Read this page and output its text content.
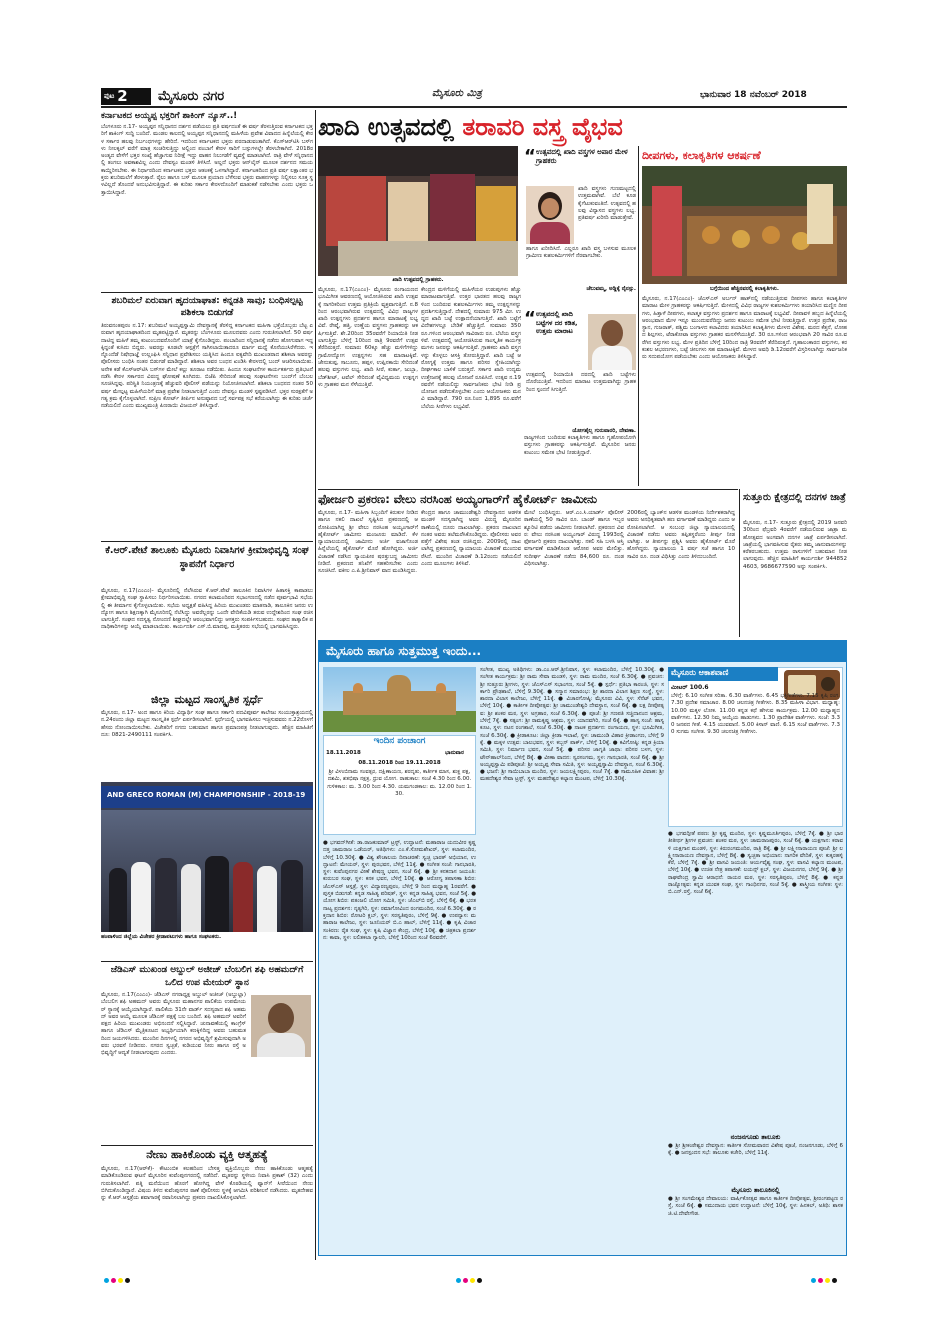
$^{ಪುಟ}$ 2	ಮೈಸೂರು ನಗರ	ಮೈಸೂರು ಮಿತ್ರ	ಭಾನುವಾರ 18 ನವೆಂಬರ್ 2018
ಖಾದಿ ಉತ್ಸವದಲ್ಲಿ ತರಾವರಿ ವಸ್ತ್ರ ವೈಭವ
ಕರ್ನಾಟಕದ ಅಯ್ಯಪ್ಪ ಭಕ್ತರಿಗೆ ಶಾಕಿಂಗ್ ನ್ಯೂಸ್..!
ಬೆಂಗಳೂರು ನ.17- ಅಯ್ಯಪ್ಪನ ಸನ್ನಿಧಾನದ ದರ್ಶನ ಪಡೆಯಲು ಪ್ರತಿ ವರ್ಷದಂತೆ ಈ ವರ್ಷ ತೆರಳುತ್ತಿರುವ ಕರ್ನಾಟಕದ ಭಕ್ತರಿಗೆ ಶಾಕಿಂಗ್ ಸುದ್ದಿ ಬಂದಿದೆ. ಮಂಡಲ ಕಾಲದಲ್ಲಿ ಅಯ್ಯಪ್ಪನ ಸನ್ನಿಧಾನದಲ್ಲಿ ಮಹಿಳೆಯ ಪ್ರವೇಶ ವಿವಾದದ ಹಿನ್ನೆಲೆಯಲ್ಲಿ ಕೇರಳ ಸರ್ಕಾರ ಹಲವು ನಿರ್ಬಂಧಗಳನ್ನು ಹೇರಿದೆ. ಇದರಿಂದ ಕರ್ನಾಟಕದ ಭಕ್ತರು ಪರದಾಡುವಂತಾಗಿದೆ. ಕೆಎಸ್ಆರ್‌ಟಿಸಿ ಬಸ್‌ಗಳು ನೀಲಕ್ಕಲ್ ವರೆಗೆ ಮಾತ್ರ ಸಂಚರಿಸುತ್ತಿದ್ದು ಅಲ್ಲಿಂದ ಪಂಬಾಗೆ ಕೇರಳ ಸಾರಿಗೆ ಬಸ್ಸುಗಳಲ್ಲೇ ತೆರಳಬೇಕಾಗಿದೆ. 2018ರ ಅಂತ್ಯದ ವೇಳೆಗೆ ಭಕ್ತರ ಸಂಖ್ಯೆ ಹೆಚ್ಚಾಗುವ ನಿರೀಕ್ಷೆ ಇದ್ದು ವಾಹನ ನಿಲುಗಡೆಗೆ ವ್ಯವಸ್ಥೆ ಮಾಡಲಾಗಿದೆ. ರಾತ್ರಿ ವೇಳೆ ಸನ್ನಿಧಾನದಲ್ಲಿ ತಂಗಲು ಅವಕಾಶವಿಲ್ಲ ಎಂದು ದೇವಸ್ವಂ ಮಂಡಳಿ ತಿಳಿಸಿದೆ. ಅಲ್ಲದೆ ಭಕ್ತರು ಆನ್‌ಲೈನ್ ಮೂಲಕ ದರ್ಶನದ ಸಮಯ ಕಾಯ್ದಿರಿಸಬೇಕು. ಈ ನಿರ್ಧಾರದಿಂದ ಕರ್ನಾಟಕದ ಭಕ್ತರು ಆತಂಕಕ್ಕೆ ಒಳಗಾಗಿದ್ದಾರೆ. ಕರ್ನಾಟಕದಿಂದ ಪ್ರತಿ ವರ್ಷ ಲಕ್ಷಾಂತರ ಭಕ್ತರು ಶಬರಿಮಲೆಗೆ ತೆರಳುತ್ತಾರೆ. ರೈಲು ಹಾಗೂ ಬಸ್ ಮೂಲಕ ಪ್ರಯಾಣ ಬೆಳೆಸುವ ಭಕ್ತರು ವಾಹನಗಳನ್ನು ನಿಲ್ಲಿಸಲು ಸೂಕ್ತ ಸ್ಥಳವಿಲ್ಲದೆ ತೊಂದರೆ ಅನುಭವಿಸುತ್ತಿದ್ದಾರೆ. ಈ ಕುರಿತು ಸರ್ಕಾರ ಕೇರಳದೊಂದಿಗೆ ಮಾತುಕತೆ ನಡೆಸಬೇಕು ಎಂದು ಭಕ್ತರು ಒತ್ತಾಯಿಸಿದ್ದಾರೆ.
ಶಬರಿಮಲೆ ಏರುವಾಗ ಹೃದಯಾಘಾತ: ಕನ್ನಡತಿ ಸಾವು; ಬಂಧಿಸಲ್ಪಟ್ಟ ಪಶಿಕಲಾ ಬಿಡುಗಡೆ
ತಿರುವನಂತಪುರಂ ನ.17: ಶಬರಿಮಲೆ ಅಯ್ಯಪ್ಪಸ್ವಾಮಿ ದೇವಸ್ಥಾನಕ್ಕೆ ತೆರಳಿದ್ದ ಕರ್ನಾಟಕದ ಮಹಿಳಾ ಭಕ್ತೆಯೊಬ್ಬರು ಬೆಟ್ಟ ಏರುವಾಗ ಹೃದಯಾಘಾತದಿಂದ ಮೃತಪಟ್ಟಿದ್ದಾರೆ. ಮೃತರನ್ನು ಬೆಂಗಳೂರು ಮೂಲದವರು ಎಂದು ಗುರುತಿಸಲಾಗಿದೆ. 50 ವರ್ಷ ದಾಟಿದ್ದ ಮಹಿಳೆ ತಮ್ಮ ಕುಟುಂಬದವರೊಂದಿಗೆ ಯಾತ್ರೆ ಕೈಗೊಂಡಿದ್ದರು. ಪಂಬಾದಿಂದ ಸನ್ನಿಧಾನಕ್ಕೆ ನಡೆದು ಹೋಗುವಾಗ ಇದ್ದಕ್ಕಿದ್ದಂತೆ ಕುಸಿದು ಬಿದ್ದರು. ಅವರನ್ನು ಕೂಡಲೇ ಆಸ್ಪತ್ರೆಗೆ ಸಾಗಿಸಲಾಯಿತಾದರೂ ಮಾರ್ಗ ಮಧ್ಯೆ ಕೊನೆಯುಸಿರೆಳೆದರು. ಇನ್ನೊಂದೆಡೆ ನಿಷೇಧಾಜ್ಞೆ ಉಲ್ಲಂಘಿಸಿ ಸನ್ನಿಧಾನ ಪ್ರವೇಶಿಸಲು ಯತ್ನಿಸಿದ ಹಿಂದೂ ಐಕ್ಯವೇದಿ ಮುಖಂಡರಾದ ಶಶಿಕಲಾ ಅವರನ್ನು ಪೊಲೀಸರು ಬಂಧಿಸಿ ನಂತರ ಬಿಡುಗಡೆ ಮಾಡಿದ್ದಾರೆ. ಶಶಿಕಲಾ ಅವರ ಬಂಧನ ಖಂಡಿಸಿ ಕೇರಳದಲ್ಲಿ ಬಂದ್ ಆಚರಿಸಲಾಯಿತು. ಅನೇಕ ಕಡೆ ಕೆಎಸ್ಆರ್‌ಟಿಸಿ ಬಸ್‌ಗಳ ಮೇಲೆ ಕಲ್ಲು ತೂರಾಟ ನಡೆಯಿತು. ಹಿಂದೂ ಸಂಘಟನೆಗಳ ಕಾರ್ಯಕರ್ತರು ಪ್ರತಿಭಟನೆ ನಡೆಸಿ ಕೇರಳ ಸರ್ಕಾರದ ವಿರುದ್ಧ ಘೋಷಣೆ ಕೂಗಿದರು. ಬಿಜೆಪಿ ಸೇರಿದಂತೆ ಹಲವು ಸಂಘಟನೆಗಳು ಬಂದ್‌ಗೆ ಬೆಂಬಲ ಸೂಚಿಸಿದ್ದವು. ಪರಿಸ್ಥಿತಿ ನಿಯಂತ್ರಣಕ್ಕೆ ಹೆಚ್ಚುವರಿ ಪೊಲೀಸ್ ಪಡೆಯನ್ನು ನಿಯೋಜಿಸಲಾಗಿದೆ. ಶಶಿಕಲಾ ಬಂಧನದ ನಂತರ 50 ವರ್ಷ ಮೇಲ್ಪಟ್ಟ ಮಹಿಳೆಯರಿಗೆ ಮಾತ್ರ ಪ್ರವೇಶ ನೀಡಲಾಗುತ್ತಿದೆ ಎಂದು ದೇವಸ್ವಂ ಮಂಡಳಿ ಸ್ಪಷ್ಟಪಡಿಸಿದೆ. ಭಕ್ತರ ಸುರಕ್ಷತೆಗೆ ಅಗತ್ಯ ಕ್ರಮ ಕೈಗೊಳ್ಳಲಾಗಿದೆ. ಸುಪ್ರೀಂ ಕೋರ್ಟ್ ತೀರ್ಪಿನ ಅನುಷ್ಠಾನದ ಬಗ್ಗೆ ಸರ್ವಪಕ್ಷ ಸಭೆ ಕರೆಯಲಾಗಿದ್ದು ಈ ಕುರಿತು ಚರ್ಚೆ ನಡೆಯಲಿದೆ ಎಂದು ಮುಖ್ಯಮಂತ್ರಿ ಪಿಣರಾಯಿ ವಿಜಯನ್ ತಿಳಿಸಿದ್ದಾರೆ.
ಕೆ.ಆರ್.ಪೇಟೆ ತಾಲೂಕು ಮೈಸೂರು ನಿವಾಸಿಗಳ ಕ್ರೀಮಾಭಿವೃದ್ಧಿ ಸಂಘ ಸ್ಥಾಪನೆಗೆ ನಿರ್ಧಾರ
ಮೈಸೂರು, ನ.17(ಎಂಎಂ)- ಮೈಸೂರಿನಲ್ಲಿ ನೆಲೆಸಿರುವ ಕೆ.ಆರ್.ಪೇಟೆ ತಾಲೂಕಿನ ನಿವಾಸಿಗಳ ಹಿತಾಸಕ್ತಿ ಕಾಪಾಡಲು ಕ್ಷೇಮಾಭಿವೃದ್ಧಿ ಸಂಘ ಸ್ಥಾಪಿಸಲು ನಿರ್ಧರಿಸಲಾಯಿತು. ನಗರದ ಕಲಾಮಂದಿರದ ಸಭಾಂಗಣದಲ್ಲಿ ನಡೆದ ಪೂರ್ವಭಾವಿ ಸಭೆಯಲ್ಲಿ ಈ ತೀರ್ಮಾನ ಕೈಗೊಳ್ಳಲಾಯಿತು. ಸಭೆಯ ಅಧ್ಯಕ್ಷತೆ ವಹಿಸಿದ್ದ ಹಿರಿಯ ಮುಖಂಡರು ಮಾತನಾಡಿ, ತಾಲೂಕಿನ ಜನರು ಉದ್ಯೋಗ ಹಾಗೂ ಶಿಕ್ಷಣಕ್ಕಾಗಿ ಮೈಸೂರಿನಲ್ಲಿ ನೆಲೆಸಿದ್ದು ಅವರೆಲ್ಲರನ್ನು ಒಂದೇ ವೇದಿಕೆಯಡಿ ತರುವ ಉದ್ದೇಶದಿಂದ ಸಂಘ ರಚಿಸಲಾಗುತ್ತಿದೆ. ಸಂಘದ ಸದಸ್ಯತ್ವ ನೋಂದಣಿ ಶೀಘ್ರದಲ್ಲೇ ಆರಂಭವಾಗಲಿದ್ದು ಆಸಕ್ತರು ಸಂಪರ್ಕಿಸಬಹುದು. ಸಂಘದ ತಾತ್ಕಾಲಿಕ ಪದಾಧಿಕಾರಿಗಳನ್ನು ಆಯ್ಕೆ ಮಾಡಲಾಯಿತು. ಕಾರ್ಯದರ್ಶಿ ಎಸ್.ಬಿ.ಮಾದಪ್ಪ, ಮತ್ತಿತರರು ಸಭೆಯಲ್ಲಿ ಭಾಗವಹಿಸಿದ್ದರು.
ಜಿಲ್ಲಾ ಮಟ್ಟದ ಸಾಂಸ್ಕೃತಿಕ ಸ್ಪರ್ಧೆ
ಮೈಸೂರು, ನ.17- ಅಂದ ಹಾಗೂ ಕಿರಿಯ ವಿದ್ಯಾರ್ಥಿ ಸಂಘ ಹಾಗೂ ಸರ್ಕಾರಿ ಪದವಿಪೂರ್ವ ಕಾಲೇಜು ಸಂಯುಕ್ತಾಶ್ರಯದಲ್ಲಿ ನ.24ರಂದು ಜಿಲ್ಲಾ ಮಟ್ಟದ ಸಾಂಸ್ಕೃತಿಕ ಸ್ಪರ್ಧೆ ಏರ್ಪಡಿಸಲಾಗಿದೆ. ಸ್ಪರ್ಧೆಯಲ್ಲಿ ಭಾಗವಹಿಸಲು ಇಚ್ಛಿಸುವವರು ನ.22ರೊಳಗೆ ಹೆಸರು ನೋಂದಾಯಿಸಬೇಕು. ವಿಜೇತರಿಗೆ ನಗದು ಬಹುಮಾನ ಹಾಗೂ ಪ್ರಮಾಣಪತ್ರ ನೀಡಲಾಗುವುದು. ಹೆಚ್ಚಿನ ಮಾಹಿತಿಗೆ ದೂ: 0821-2490111 ಸಂಪರ್ಕಿಸಿ.
AND GRECO ROMAN (M) CHAMPIONSHIP - 2018-19
ಹಂಪಾಳಿಂದ ಜಿಲ್ಲೆಯ ವಿಜೇತರ ಕ್ರೀಡಾಪಟುಗಳು ಹಾಗೂ ಸಂಘಟಕರು.
ಜೆಡಿಎಸ್ ಮುಖಂಡ ಅಬ್ದುಲ್ ಅಜೀಜ್ ಬೆಂಬಲಿಗ ಶಫಿ ಅಹಮದ್‌ಗೆ ಒಲಿದ ಉಪ ಮೇಯರ್ ಸ್ಥಾನ
ಮೈಸೂರು, ನ.17(ಎಂಎಂ)- ಜೆಡಿಎಸ್ ನಗರಾಧ್ಯಕ್ಷ ಅಬ್ದುಲ್ ಅಜೀಜ್ (ಅಬ್ದುಲ್ಲಾ) ಬೆಂಬಲಿಗ ಶಫಿ ಅಹಮದ್ ಅವರು ಮೈಸೂರು ಮಹಾನಗರ ಪಾಲಿಕೆಯ ಉಪಮೇಯರ್ ಸ್ಥಾನಕ್ಕೆ ಆಯ್ಕೆಯಾಗಿದ್ದಾರೆ. ಪಾಲಿಕೆಯ 31ನೇ ವಾರ್ಡ್ ಸದಸ್ಯರಾದ ಶಫಿ ಅಹಮದ್ ಅವರ ಆಯ್ಕೆ ಮೂಲಕ ಜೆಡಿಎಸ್ ಪಕ್ಷಕ್ಕೆ ಬಲ ಬಂದಿದೆ. ಶಫಿ ಅಹಮದ್ ಅವರಿಗೆ ಪಕ್ಷದ ಹಿರಿಯ ಮುಖಂಡರು ಅಭಿನಂದನೆ ಸಲ್ಲಿಸಿದ್ದಾರೆ. ಚುನಾವಣೆಯಲ್ಲಿ ಕಾಂಗ್ರೆಸ್ ಹಾಗೂ ಜೆಡಿಎಸ್ ಮೈತ್ರಿಕೂಟದ ಅಭ್ಯರ್ಥಿಯಾಗಿ ಕಣಕ್ಕಿಳಿದಿದ್ದ ಅವರು ಬಹುಮತದಿಂದ ಜಯಗಳಿಸಿದರು. ಮುಂದಿನ ದಿನಗಳಲ್ಲಿ ನಗರದ ಅಭಿವೃದ್ಧಿಗೆ ಶ್ರಮಿಸುವುದಾಗಿ ಅವರು ಭರವಸೆ ನೀಡಿದರು. ನಗರದ ಸ್ವಚ್ಛತೆ, ಕುಡಿಯುವ ನೀರು ಹಾಗೂ ರಸ್ತೆ ಅಭಿವೃದ್ಧಿಗೆ ಆದ್ಯತೆ ನೀಡಲಾಗುವುದು ಎಂದರು.
ನೇಣು ಹಾಕಿಕೊಂಡು ವ್ಯಕ್ತಿ ಆತ್ಮಹತ್ಯೆ
ಮೈಸೂರು, ನ.17(ಆರ್‌ಕೆ)- ಕೌಟುಂಬಿಕ ಕಲಹದಿಂದ ಬೇಸತ್ತ ವ್ಯಕ್ತಿಯೊಬ್ಬರು ನೇಣು ಹಾಕಿಕೊಂಡು ಆತ್ಮಹತ್ಯೆ ಮಾಡಿಕೊಂಡಿರುವ ಘಟನೆ ಮೈಸೂರಿನ ಕುವೆಂಪುನಗರದಲ್ಲಿ ನಡೆದಿದೆ. ಮೃತರನ್ನು ಸ್ಥಳೀಯ ನಿವಾಸಿ ಪ್ರಕಾಶ್ (32) ಎಂದು ಗುರುತಿಸಲಾಗಿದೆ. ಪತ್ನಿ ಮನೆಯಿಂದ ಹೊರಗೆ ಹೋಗಿದ್ದ ವೇಳೆ ಕೊಠಡಿಯಲ್ಲಿ ಫ್ಯಾನ್‌ಗೆ ಸೀರೆಯಿಂದ ನೇಣು ಬಿಗಿದುಕೊಂಡಿದ್ದಾರೆ. ವಿಷಯ ತಿಳಿದ ಕುವೆಂಪುನಗರ ಠಾಣೆ ಪೊಲೀಸರು ಸ್ಥಳಕ್ಕೆ ಆಗಮಿಸಿ ಪರಿಶೀಲನೆ ನಡೆಸಿದರು. ಮೃತದೇಹವನ್ನು ಕೆ.ಆರ್.ಆಸ್ಪತ್ರೆಯ ಶವಾಗಾರಕ್ಕೆ ರವಾನಿಸಲಾಗಿದ್ದು ಪ್ರಕರಣ ದಾಖಲಿಸಿಕೊಳ್ಳಲಾಗಿದೆ.
ಖಾದಿ ಉತ್ಸವದಲ್ಲಿ ಗ್ರಾಹಕರು.
ಮೈಸೂರು, ನ.17(ಎಂಎಂ)- ಮೈಸೂರು ರಂಗಾಯಣದ ಭೂಮಿಗೀತ ಆವರಣದಲ್ಲಿ ಆಯೋಜಿಸಿರುವ ಖಾದಿ ಉತ್ಸವಕ್ಕೆ ನಾಗರಿಕರಿಂದ ಉತ್ತಮ ಪ್ರತಿಕ್ರಿಯೆ ವ್ಯಕ್ತವಾಗುತ್ತಿದೆ. ನ.8ರಿಂದ ಆರಂಭವಾಗಿರುವ ಉತ್ಸವದಲ್ಲಿ ವಿವಿಧ ರಾಜ್ಯಗಳ ಖಾದಿ ಉತ್ಪನ್ನಗಳು ಪ್ರದರ್ಶನ ಹಾಗೂ ಮಾರಾಟಕ್ಕೆ ಲಭ್ಯವಿವೆ. ರೇಷ್ಮೆ, ಹತ್ತಿ, ಉಣ್ಣೆಯ ವಸ್ತ್ರಗಳು ಗ್ರಾಹಕರನ್ನು ಆಕರ್ಷಿಸುತ್ತಿವೆ. ಶೇ.20ರಿಂದ 35ರವರೆಗೆ ರಿಯಾಯಿತಿ ನೀಡಲಾಗುತ್ತಿದ್ದು ಬೆಳಿಗ್ಗೆ 10ರಿಂದ ರಾತ್ರಿ 9ರವರೆಗೆ ಉತ್ಸವ ತೆರೆದಿರುತ್ತದೆ. ಸುಮಾರು 60ಕ್ಕೂ ಹೆಚ್ಚು ಮಳಿಗೆಗಳಿದ್ದು ಗ್ರಾಮೋದ್ಯೋಗ ಉತ್ಪನ್ನಗಳು ಸಹ ಮಾರಾಟಕ್ಕಿವೆ. ಜೇನುತುಪ್ಪ, ಸಾಬೂನು, ಹಪ್ಪಳ, ಉಪ್ಪಿನಕಾಯಿ ಸೇರಿದಂತೆ ಹಲವು ವಸ್ತುಗಳು ಲಭ್ಯ. ಖಾದಿ ಸೀರೆ, ಕುರ್ತಾ, ಜುಬ್ಬಾ, ಬೆಡ್‌ಶೀಟ್, ಟವೆಲ್ ಸೇರಿದಂತೆ ವೈವಿಧ್ಯಮಯ ಉತ್ಪನ್ನಗಳು ಗ್ರಾಹಕರ ಮನ ಸೆಳೆಯುತ್ತಿವೆ.
ಕೇಂದ್ರದ ಮಳಿಗೆಯಲ್ಲಿ ಮಹಿಳೆಯರ ಉಡುಪುಗಳು ಹೆಚ್ಚು ಮಾರಾಟವಾಗುತ್ತಿವೆ. ಉತ್ತರ ಭಾರತದ ಹಲವು ರಾಜ್ಯಗಳಿಂದ ಬಂದಿರುವ ಕುಶಲಕರ್ಮಿಗಳು ತಮ್ಮ ಉತ್ಪನ್ನಗಳನ್ನು ಪ್ರದರ್ಶಿಸುತ್ತಿದ್ದಾರೆ. ದೇಶದಲ್ಲಿ ಸುಮಾರು 975 ಮೀ. ಉದ್ದದ ಖಾದಿ ಬಟ್ಟೆ ಉತ್ಪಾದನೆಯಾಗುತ್ತಿದೆ. ಖಾದಿ ಬಟ್ಟೆಗೆ ವಿದೇಶಗಳಲ್ಲೂ ಬೇಡಿಕೆ ಹೆಚ್ಚುತ್ತಿದೆ. ಸುಮಾರು 350 ರೂ.ಗಳಿಂದ ಆರಂಭವಾಗಿ ಸಾವಿರಾರು ರೂ. ಬೆಲೆಯ ವಸ್ತ್ರಗಳಿವೆ. ಉತ್ಸವದಲ್ಲಿ ಆಯೋಜಿಸಿರುವ ಸಾಂಸ್ಕೃತಿಕ ಕಾರ್ಯಕ್ರಮಗಳು ಜನರನ್ನು ಆಕರ್ಷಿಸುತ್ತಿವೆ. ಗ್ರಾಹಕರು ಖಾದಿ ವಸ್ತ್ರಗಳನ್ನು ಕೊಳ್ಳಲು ಆಸಕ್ತಿ ತೋರುತ್ತಿದ್ದಾರೆ. ಖಾದಿ ಬಟ್ಟೆ ಆರೋಗ್ಯಕ್ಕೆ ಉತ್ತಮ ಹಾಗೂ ಪರಿಸರ ಸ್ನೇಹಿಯಾಗಿದ್ದು ದೀರ್ಘಕಾಲ ಬಾಳಿಕೆ ಬರುತ್ತದೆ. ಸರ್ಕಾರ ಖಾದಿ ಉದ್ಯಮ ಉತ್ತೇಜನಕ್ಕೆ ಹಲವು ಯೋಜನೆ ರೂಪಿಸಿದೆ. ಉತ್ಸವ ನ.19ರವರೆಗೆ ನಡೆಯಲಿದ್ದು ಸಾರ್ವಜನಿಕರು ಭೇಟಿ ನೀಡಿ ಪ್ರಯೋಜನ ಪಡೆದುಕೊಳ್ಳಬೇಕು ಎಂದು ಆಯೋಜಕರು ಮನವಿ ಮಾಡಿದ್ದಾರೆ. 790 ರೂ.ನಿಂದ 1,895 ರೂ.ವರೆಗೆ ಬೆಲೆಯ ಸೀರೆಗಳು ಲಭ್ಯವಿವೆ.
“ ಉತ್ಸವದಲ್ಲಿ ಖಾದಿ ವಸ್ತ್ರಗಳ ಅಪಾರ ಮೇಳ ಗ್ರಾಹಕರು
ಖಾದಿ ವಸ್ತ್ರಗಳು ಗುಣಮಟ್ಟದಲ್ಲಿ ಉತ್ತಮವಾಗಿವೆ. ಬೆಲೆ ಕೂಡ ಕೈಗೆಟುಕುವಂತಿದೆ. ಉತ್ಸವದಲ್ಲಿ ಹಲವು ವಿನ್ಯಾಸದ ವಸ್ತ್ರಗಳು ಲಭ್ಯ. ಪ್ರತಿವರ್ಷ ಖರೀದಿ ಮಾಡುತ್ತೇವೆ.
ಹಾಗೂ ಖರೀದಿಸಿದೆ. ಎಲ್ಲರೂ ಖಾದಿ ವಸ್ತ್ರ ಬಳಸುವ ಮೂಲಕ ಗ್ರಾಮೀಣ ಕುಶಲಕರ್ಮಿಗಳಿಗೆ ನೆರವಾಗಬೇಕು.
ಚೆಲುವಮ್ಮ, ಅಡ್ಡಿಕ್ಕೆ ನೈನಸ್ಸು.
“ ಉತ್ಸವದಲ್ಲಿ ಖಾದಿ ಬಟ್ಟೆಗಳ ದರ ಕಡಿತ, ಉತ್ತಮ ಮಾರಾಟ
ಉತ್ಸವದಲ್ಲಿ ರಿಯಾಯಿತಿ ದರದಲ್ಲಿ ಖಾದಿ ಬಟ್ಟೆಗಳು ದೊರೆಯುತ್ತಿವೆ. ಇದರಿಂದ ಮಾರಾಟ ಉತ್ತಮವಾಗಿದ್ದು ಗ್ರಾಹಕರಿಂದ ಸ್ಪಂದನೆ ಸಿಗುತ್ತಿದೆ.
ಯೋಗಶೈಲ್ನ ಗುರುವಾರರಿ, ದೇವಣಾ.
ರಾಜ್ಯಗಳಿಂದ ಬಂದಿರುವ ಕಲಾಕೃತಿಗಳು ಹಾಗೂ ಗೃಹೋಪಯೋಗಿ ವಸ್ತುಗಳು ಗ್ರಾಹಕರನ್ನು ಆಕರ್ಷಿಸುತ್ತಿವೆ. ಮೈಸೂರಿನ ಜನರು ಕುಟುಂಬ ಸಮೇತ ಭೇಟಿ ನೀಡುತ್ತಿದ್ದಾರೆ.
ದೀಪಗಳು, ಕಲಾಕೃತಿಗಳ ಆಕರ್ಷಣೆ
ಬಗ್ಗೆಯಿಂದ ಹೆಚ್ಚಿನವರಲ್ಲಿ ಕಲಾಕೃತಿಗಳು.
ಮೈಸೂರು, ನ.17(ಎಂಎಂ)- ಜೆಎಸ್ಎಸ್ ಅರ್ಬನ್ ಹಾತ್‌ನಲ್ಲಿ ನಡೆಯುತ್ತಿರುವ ದೀಪಗಳು ಹಾಗೂ ಕಲಾಕೃತಿಗಳ ಮಾರಾಟ ಮೇಳ ಗ್ರಾಹಕರನ್ನು ಆಕರ್ಷಿಸುತ್ತಿದೆ. ಮೇಳದಲ್ಲಿ ವಿವಿಧ ರಾಜ್ಯಗಳ ಕುಶಲಕರ್ಮಿಗಳು ತಯಾರಿಸಿದ ಮಣ್ಣಿನ ದೀಪಗಳು, ಹಿತ್ತಾಳೆ ದೀಪಗಳು, ಕಲಾತ್ಮಕ ವಸ್ತುಗಳು ಪ್ರದರ್ಶನ ಹಾಗೂ ಮಾರಾಟಕ್ಕೆ ಲಭ್ಯವಿವೆ. ದೀಪಾವಳಿ ಹಬ್ಬದ ಹಿನ್ನೆಲೆಯಲ್ಲಿ ಆರಂಭವಾದ ಮೇಳ ಇನ್ನೂ ಮುಂದುವರೆದಿದ್ದು ಜನರು ಕುಟುಂಬ ಸಮೇತ ಭೇಟಿ ನೀಡುತ್ತಿದ್ದಾರೆ. ಉತ್ತರ ಪ್ರದೇಶ, ರಾಜಸ್ಥಾನ, ಗುಜರಾತ್, ಪಶ್ಚಿಮ ಬಂಗಾಳದ ಕಲಾವಿದರು ತಯಾರಿಸಿದ ಕಲಾಕೃತಿಗಳು ಮೇಳದ ವಿಶೇಷ. ಮರದ ಕೆತ್ತನೆ, ಲೋಹದ ಶಿಲ್ಪಗಳು, ಟೆರಾಕೋಟಾ ವಸ್ತುಗಳು ಗ್ರಾಹಕರ ಮನಸೆಳೆಯುತ್ತಿವೆ. 30 ರೂ.ಗಳಿಂದ ಆರಂಭವಾಗಿ 20 ಸಾವಿರ ರೂ.ವರೆಗಿನ ವಸ್ತುಗಳು ಲಭ್ಯ. ಮೇಳ ಪ್ರತಿದಿನ ಬೆಳಿಗ್ಗೆ 10ರಿಂದ ರಾತ್ರಿ 9ರವರೆಗೆ ತೆರೆದಿರುತ್ತದೆ. ಗೃಹಾಲಂಕಾರದ ವಸ್ತುಗಳು, ಕರಕುಶಲ ಆಭರಣಗಳು, ಬಟ್ಟೆ ಚೀಲಗಳು ಸಹ ಮಾರಾಟಕ್ಕಿವೆ. ಮೇಳದ ಅವಧಿ ಡಿ.12ರವರೆಗೆ ವಿಸ್ತರಿಸಲಾಗಿದ್ದು ಸಾರ್ವಜನಿಕರು ಸದುಪಯೋಗ ಪಡೆಯಬೇಕು ಎಂದು ಆಯೋಜಕರು ತಿಳಿಸಿದ್ದಾರೆ.
ಫೋರ್ಜರಿ ಪ್ರಕರಣ: ವೇಲು ನರಸಿಂಹ ಅಯ್ಯಂಗಾರ್‌ಗೆ ಹೈಕೋರ್ಟ್ ಜಾಮೀನು
ಮೈಸೂರು, ನ.17- ಮಹಿಳಾ ಸಿಬ್ಬಂದಿಗೆ ಕಿರುಕುಳ ನೀಡಿದ ಹಾಗೂ ನಕಲಿ ದಾಖಲೆ ಸೃಷ್ಟಿಸಿದ ಪ್ರಕರಣದಲ್ಲಿ ಆರೋಪಿಯಾಗಿದ್ದ ಶ್ರೀ ವೇಲು ನರಸಿಂಹ ಅಯ್ಯಂಗಾರ್‌ಗೆ ಹೈಕೋರ್ಟ್ ಜಾಮೀನು ಮಂಜೂರು ಮಾಡಿದೆ. ಕೆಳ ನ್ಯಾಯಾಲಯದಲ್ಲಿ ಜಾಮೀನು ಅರ್ಜಿ ವಜಾಗೊಂಡ ಹಿನ್ನೆಲೆಯಲ್ಲಿ ಹೈಕೋರ್ಟ್ ಮೊರೆ ಹೋಗಿದ್ದರು. ಅರ್ಜಿ ವಿಚಾರಣೆ ನಡೆಸಿದ ನ್ಯಾಯಪೀಠ ಷರತ್ತುಬದ್ಧ ಜಾಮೀನು ನೀಡಿದೆ. ಪ್ರಕರಣದ ತನಿಖೆಗೆ ಸಹಕರಿಸಬೇಕು ಎಂದು ಸೂಚಿಸಿದೆ. ವಕೀಲ ಎ.ಪಿ.ಶ್ರೀನಿವಾಸ್ ವಾದ ಮಂಡಿಸಿದ್ದರು.
ಕೇಂದ್ರದ ಹಾಗೂ ಚಾಮುಂಡೇಶ್ವರಿ ದೇವಸ್ಥಾನದ ಆಡಳಿತ ಮಂಡಳಿ ಸದಸ್ಯರಾಗಿದ್ದ ಅವರ ವಿರುದ್ಧ ಮೈಸೂರಿನ ಠಾಣೆಯಲ್ಲಿ ದೂರು ದಾಖಲಾಗಿತ್ತು. ಪ್ರಕರಣ ದಾಖಲಾದ ನಂತರ ಅವರು ತಲೆಮರೆಸಿಕೊಂಡಿದ್ದರು. ಪೊಲೀಸರು ಅವರ ಪತ್ತೆಗೆ ವಿಶೇಷ ತಂಡ ರಚಿಸಿದ್ದರು. 2009ರಲ್ಲಿ ದಾಖಲಾಗಿದ್ದ ಪ್ರಕರಣದಲ್ಲಿ ನ್ಯಾಯಾಲಯ ವಿಚಾರಣೆ ಮುಂದುವರೆಸಿದೆ. ಮುಂದಿನ ವಿಚಾರಣೆ ಡಿ.12ರಂದು ನಡೆಯಲಿದೆ ಎಂದು ಮೂಲಗಳು ತಿಳಿಸಿವೆ.
ಮೇಲೆ ಬಂಧಿಸಿದ್ದರು. ಆರ್.ಎಂ.ಸಿ.ಯಾರ್ಡ್ ಪೊಲೀಸ್ ಠಾಣೆಯಲ್ಲಿ 50 ಸಾವಿರ ರೂ. ಬಾಂಡ್ ಹಾಗೂ ಇಬ್ಬರ ಶ್ಯೂರಿಟಿ ಪಡೆದು ಜಾಮೀನು ನೀಡಲಾಗಿದೆ. ಪ್ರಕರಣದ ವಿವರ: ವೇಲು ನರಸಿಂಹ ಅಯ್ಯಂಗಾರ್ ವಿರುದ್ಧ 1993ರಲ್ಲಿ ಫೋರ್ಜರಿ ಪ್ರಕರಣ ದಾಖಲಾಗಿತ್ತು. ನಕಲಿ ಸಹಿ ಬಳಸಿ ಆಸ್ತಿ ವರ್ಗಾವಣೆ ಮಾಡಿಕೊಂಡ ಆರೋಪ ಅವರ ಮೇಲಿತ್ತು. ಸುದೀರ್ಘ ವಿಚಾರಣೆ ನಡೆದು 84,600 ರೂ. ದಂಡ ವಿಧಿಸಲಾಗಿತ್ತು.
2006ರಲ್ಲಿ ಬ್ಯಾಂಕ್‌ನ ಆಡಳಿತ ಮಂಡಳಿಯ ನಿರ್ದೇಶಕರಾಗಿದ್ದ ಅವರು ಅನಧಿಕೃತವಾಗಿ ಹಣ ವರ್ಗಾವಣೆ ಮಾಡಿದ್ದರು ಎಂದು ಆರೋಪಿಸಲಾಗಿದೆ. ಆ ಸಂಬಂಧ ಜಿಲ್ಲಾ ನ್ಯಾಯಾಲಯದಲ್ಲಿ ವಿಚಾರಣೆ ನಡೆದು ಅವರು ತಪ್ಪಿತಸ್ಥರೆಂದು ತೀರ್ಪು ನೀಡಲಾಗಿತ್ತು. ಆ ತೀರ್ಪನ್ನು ಪ್ರಶ್ನಿಸಿ ಅವರು ಹೈಕೋರ್ಟ್ ಮೊರೆ ಹೋಗಿದ್ದರು. ನ್ಯಾಯಾಲಯ 1 ವರ್ಷ ಸಜೆ ಹಾಗೂ 10 ಸಾವಿರ ರೂ. ದಂಡ ವಿಧಿಸಿತ್ತು ಎಂದು ತಿಳಿದುಬಂದಿದೆ.
ಸುತ್ತೂರು ಕ್ಷೇತ್ರದಲ್ಲಿ ದನಗಳ ಜಾತ್ರೆ
ಮೈಸೂರು, ನ.17- ಸುತ್ತೂರು ಕ್ಷೇತ್ರದಲ್ಲಿ 2019 ಜನವರಿ 30ರಿಂದ ಫೆಬ್ರವರಿ 4ರವರೆಗೆ ನಡೆಯಲಿರುವ ಜಾತ್ರಾ ಮಹೋತ್ಸವದ ಅಂಗವಾಗಿ ದನಗಳ ಜಾತ್ರೆ ಏರ್ಪಡಿಸಲಾಗಿದೆ. ಜಾತ್ರೆಯಲ್ಲಿ ಭಾಗವಹಿಸುವ ರೈತರು ತಮ್ಮ ಜಾನುವಾರುಗಳನ್ನು ಕರೆತರಬಹುದು. ಉತ್ತಮ ರಾಸುಗಳಿಗೆ ಬಹುಮಾನ ನೀಡಲಾಗುವುದು. ಹೆಚ್ಚಿನ ಮಾಹಿತಿಗೆ ಕಾರ್ಯದರ್ಶಿ 9448524603, 9686677590 ಅನ್ನು ಸಂಪರ್ಕಿಸಿ.
ಮೈಸೂರು ಹಾಗೂ ಸುತ್ತಮುತ್ತ ಇಂದು...
ಇಂದಿನ ಪಂಚಾಂಗ
18.11.2018	ಭಾನುವಾರ
08.11.2018 ರಿಂದ 19.11.2018
ಶ್ರೀ ವಿಳಂಬಿನಾಮ ಸಂವತ್ಸರ, ದಕ್ಷಿಣಾಯಣ, ಶರದೃತು, ಕಾರ್ತೀಕ ಮಾಸ, ಶುಕ್ಲ ಪಕ್ಷ, ದಶಮಿ, ಶತಭಿಷಾ ನಕ್ಷತ್ರ, ಧ್ರುವ ಯೋಗ. ರಾಹುಕಾಲ: ಸಂಜೆ 4.30 ರಿಂದ 6.00. ಗುಳಿಕಕಾಲ: ಮ. 3.00 ರಿಂದ 4.30. ಯಮಗಂಡಕಾಲ: ಮ. 12.00 ರಿಂದ 1.30.
● ಭಗವದ್‌ಗೀತೆ: ಡಾ.ರಾಜಕುಮಾರ್ ಟ್ರಸ್ಟ್, ಉದ್ಘಾಟನೆ: ಮಹಾರಾಜ ಯದುವೀರ ಕೃಷ್ಣದತ್ತ ಚಾಮರಾಜ ಒಡೆಯರ್, ಅತಿಥಿಗಳು: ಎಂ.ಕೆ.ಸೋಮಶೇಖರ್, ಸ್ಥಳ: ಕಲಾಮಂದಿರ, ಬೆಳಿಗ್ಗೆ 10.30ಕ್ಕೆ. ● ವಿಶ್ವ ಶೌಚಾಲಯ ದಿನಾಚರಣೆ: ಸ್ವಚ್ಛ ಭಾರತ್ ಅಭಿಯಾನ, ಉದ್ಘಾಟನೆ: ಮೇಯರ್, ಸ್ಥಳ: ಪುರಭವನ, ಬೆಳಿಗ್ಗೆ 11ಕ್ಕೆ. ● ಸಂಗೀತ ಸಂಜೆ: ಗಾನಭಾರತಿ, ಸ್ಥಳ: ಕುವೆಂಪುನಗರ ವೀಣೆ ಶೇಷಣ್ಣ ಭವನ, ಸಂಜೆ 6ಕ್ಕೆ. ● ಶ್ರೀ ಕನಕದಾಸ ಜಯಂತಿ: ಕುರುಬರ ಸಂಘ, ಸ್ಥಳ: ಕನಕ ಭವನ, ಬೆಳಿಗ್ಗೆ 10ಕ್ಕೆ. ● ಆರೋಗ್ಯ ತಪಾಸಣಾ ಶಿಬಿರ: ಜೆಎಸ್ಎಸ್ ಆಸ್ಪತ್ರೆ, ಸ್ಥಳ: ವಿದ್ಯಾರಣ್ಯಪುರಂ, ಬೆಳಿಗ್ಗೆ 9 ರಿಂದ ಮಧ್ಯಾಹ್ನ 1ರವರೆಗೆ. ● ಪುಸ್ತಕ ಬಿಡುಗಡೆ: ಕನ್ನಡ ಸಾಹಿತ್ಯ ಪರಿಷತ್, ಸ್ಥಳ: ಕನ್ನಡ ಸಾಹಿತ್ಯ ಭವನ, ಸಂಜೆ 5ಕ್ಕೆ. ● ಯೋಗ ಶಿಬಿರ: ಪತಂಜಲಿ ಯೋಗ ಸಮಿತಿ, ಸ್ಥಳ: ಜೆಎಲ್‌ಬಿ ರಸ್ತೆ, ಬೆಳಿಗ್ಗೆ 6ಕ್ಕೆ. ● ಭರತನಾಟ್ಯ ಪ್ರದರ್ಶನ: ನೃತ್ಯಗಿರಿ, ಸ್ಥಳ: ರಮಾಗೋವಿಂದ ರಂಗಮಂದಿರ, ಸಂಜೆ 6.30ಕ್ಕೆ. ● ರಕ್ತದಾನ ಶಿಬಿರ: ರೋಟರಿ ಕ್ಲಬ್, ಸ್ಥಳ: ಸರಸ್ವತಿಪುರಂ, ಬೆಳಿಗ್ಗೆ 9ಕ್ಕೆ. ● ಉಪನ್ಯಾಸ: ಮಹಾರಾಜ ಕಾಲೇಜು, ಸ್ಥಳ: ಜೂನಿಯರ್ ಬಿ.ಎ ಹಾಲ್, ಬೆಳಿಗ್ಗೆ 11ಕ್ಕೆ. ● ಕೃಷಿ ವಿಚಾರ ಸಂಕಿರಣ: ರೈತ ಸಂಘ, ಸ್ಥಳ: ಕೃಷಿ ವಿಜ್ಞಾನ ಕೇಂದ್ರ, ಬೆಳಿಗ್ಗೆ 10ಕ್ಕೆ. ● ಚಿತ್ರಕಲಾ ಪ್ರದರ್ಶನ: ಕಾವಾ, ಸ್ಥಳ: ಲಲಿತಕಲಾ ಗ್ಯಾಲರಿ, ಬೆಳಿಗ್ಗೆ 10ರಿಂದ ಸಂಜೆ 6ರವರೆಗೆ.
ಸಂಗೀತ, ಮುಖ್ಯ ಅತಿಥಿಗಳು: ಡಾ.ಎಂ.ಆರ್.ಶ್ರೀನಿವಾಸ, ಸ್ಥಳ: ಕಲಾಮಂದಿರ, ಬೆಳಿಗ್ಗೆ 10.30ಕ್ಕೆ. ● ಸಂಗೀತ ಕಾರ್ಯಕ್ರಮ: ಶ್ರೀ ರಾಮ ಸೇವಾ ಮಂಡಳಿ, ಸ್ಥಳ: ರಾಮ ಮಂದಿರ, ಸಂಜೆ 6.30ಕ್ಕೆ. ● ಪ್ರವಚನ: ಶ್ರೀ ಸುತ್ತೂರು ಶ್ರೀಗಳು, ಸ್ಥಳ: ಜೆಎಸ್ಎಸ್ ಸಭಾಂಗಣ, ಸಂಜೆ 5ಕ್ಕೆ. ● ಸ್ಪರ್ಧೆ: ಪ್ರತಿಭಾ ಕಾರಂಜಿ, ಸ್ಥಳ: ಸರ್ಕಾರಿ ಪ್ರೌಢಶಾಲೆ, ಬೆಳಿಗ್ಗೆ 9.30ಕ್ಕೆ. ● ಸನ್ಮಾನ ಸಮಾರಂಭ: ಶ್ರೀ ಶಾರದಾ ವಿಲಾಸ ಶಿಕ್ಷಣ ಸಂಸ್ಥೆ, ಸ್ಥಳ: ಶಾರದಾ ವಿಲಾಸ ಕಾಲೇಜು, ಬೆಳಿಗ್ಗೆ 11ಕ್ಕೆ. ● ವಿಚಾರಗೋಷ್ಠಿ: ಮೈಸೂರು ವಿವಿ, ಸ್ಥಳ: ಸೆನೆಟ್ ಭವನ, ಬೆಳಿಗ್ಗೆ 10ಕ್ಕೆ. ● ಕಾರ್ತೀಕ ದೀಪೋತ್ಸವ: ಶ್ರೀ ಚಾಮುಂಡೇಶ್ವರಿ ದೇವಸ್ಥಾನ, ಸಂಜೆ 6ಕ್ಕೆ. ● ಲಕ್ಷ ದೀಪೋತ್ಸವ: ಶ್ರೀ ಶಂಕರ ಮಠ, ಸ್ಥಳ: ಅಗ್ರಹಾರ, ಸಂಜೆ 6.30ಕ್ಕೆ. ● ಪೂಜೆ: ಶ್ರೀ ಗಣಪತಿ ಸಚ್ಚಿದಾನಂದ ಆಶ್ರಮ, ಬೆಳಿಗ್ಗೆ 7ಕ್ಕೆ. ● ಸತ್ಸಂಗ: ಶ್ರೀ ರಾಮಕೃಷ್ಣ ಆಶ್ರಮ, ಸ್ಥಳ: ಯಾದವಗಿರಿ, ಸಂಜೆ 6ಕ್ಕೆ. ● ಹಾಸ್ಯ ಸಂಜೆ: ಹಾಸ್ಯ ಕೂಟ, ಸ್ಥಳ: ನಟನ ರಂಗಶಾಲೆ, ಸಂಜೆ 6.30ಕ್ಕೆ. ● ನಾಟಕ ಪ್ರದರ್ಶನ: ರಂಗಾಯಣ, ಸ್ಥಳ: ಭೂಮಿಗೀತ, ಸಂಜೆ 6.30ಕ್ಕೆ. ● ಕ್ರೀಡಾಕೂಟ: ಜಿಲ್ಲಾ ಕ್ರೀಡಾ ಇಲಾಖೆ, ಸ್ಥಳ: ಚಾಮುಂಡಿ ವಿಹಾರ ಕ್ರೀಡಾಂಗಣ, ಬೆಳಿಗ್ಗೆ 9ಕ್ಕೆ. ● ಮಕ್ಕಳ ಉತ್ಸವ: ಬಾಲಭವನ, ಸ್ಥಳ: ಕಬ್ಬನ್ ಪಾರ್ಕ್, ಬೆಳಿಗ್ಗೆ 10ಕ್ಕೆ. ● ಕವಿಗೋಷ್ಠಿ: ಕನ್ನಡ ಕ್ರಿಯಾ ಸಮಿತಿ, ಸ್ಥಳ: ನಿರ್ಮಾಣ ಭವನ, ಸಂಜೆ 5ಕ್ಕೆ. ● ಪರಿಸರ ಜಾಗೃತಿ ಜಾಥಾ: ಪರಿಸರ ಬಳಗ, ಸ್ಥಳ: ಟೌನ್‌ಹಾಲ್‌ನಿಂದ, ಬೆಳಿಗ್ಗೆ 8ಕ್ಕೆ. ● ವೀಣಾ ವಾದನ: ಸ್ವರಸಂಗಮ, ಸ್ಥಳ: ಗಾನಭಾರತಿ, ಸಂಜೆ 6ಕ್ಕೆ. ● ಶ್ರೀ ಅಯ್ಯಪ್ಪಸ್ವಾಮಿ ಪಡಿಪೂಜೆ: ಶ್ರೀ ಅಯ್ಯಪ್ಪ ಸೇವಾ ಸಮಿತಿ, ಸ್ಥಳ: ಅಯ್ಯಪ್ಪಸ್ವಾಮಿ ದೇವಸ್ಥಾನ, ಸಂಜೆ 6.30ಕ್ಕೆ. ● ಭಜನೆ: ಶ್ರೀ ಸಾಯಿಬಾಬಾ ಮಂದಿರ, ಸ್ಥಳ: ಜಯಲಕ್ಷ್ಮೀಪುರಂ, ಸಂಜೆ 7ಕ್ಕೆ. ● ಸಾಮೂಹಿಕ ವಿವಾಹ: ಶ್ರೀ ಮಹದೇಶ್ವರ ಸೇವಾ ಟ್ರಸ್ಟ್, ಸ್ಥಳ: ಮಹದೇಶ್ವರ ಕಲ್ಯಾಣ ಮಂಟಪ, ಬೆಳಿಗ್ಗೆ 10.30ಕ್ಕೆ.
ಮೈಸೂರು ಆಕಾಶವಾಣಿ
ಮೀಟರ್ 100.6
ಬೆಳಿಗ್ಗೆ: 6.10 ಸಂಗೀತ ಸರಿತಾ. 6.30 ವಾರ್ತೆಗಳು. 6.45 ಭಕ್ತಿಗೀತೆಗಳು. 7.15 ಕೃಷಿ ರಂಗ. 7.30 ಪ್ರದೇಶ ಸಮಾಚಾರ. 8.00 ಚಲನಚಿತ್ರ ಗೀತೆಗಳು. 8.35 ಮಹಿಳಾ ವಿಭಾಗ. ಮಧ್ಯಾಹ್ನ: 10.00 ಮಕ್ಕಳ ಲೋಕ. 11.00 ಕನ್ನಡ ಕಥೆ ಹೇಳುವ ಕಾರ್ಯಕ್ರಮ. 12.00 ಮಧ್ಯಾಹ್ನದ ವಾರ್ತೆಗಳು. 12.30 ನಿಮ್ಮ ಆಯ್ಕೆಯ ಹಾಡುಗಳು. 1.30 ಪ್ರಾದೇಶಿಕ ವಾರ್ತೆಗಳು. ಸಂಜೆ: 3.30 ಜನಪದ ಗೀತೆ. 4.15 ಯುವವಾಣಿ. 5.00 ಕಿಸಾನ್ ವಾಣಿ. 6.15 ಸಂಜೆ ವಾರ್ತೆಗಳು. 7.30 ಸುಗಮ ಸಂಗೀತ. 9.30 ಚಲನಚಿತ್ರ ಗೀತೆಗಳು.
● ಭಗವದ್ಗೀತೆ ಪಠಣ: ಶ್ರೀ ಕೃಷ್ಣ ಮಂದಿರ, ಸ್ಥಳ: ಕೃಷ್ಣಮೂರ್ತಿಪುರಂ, ಬೆಳಿಗ್ಗೆ 7ಕ್ಕೆ. ● ಶ್ರೀ ಭಾರತೀತೀರ್ಥ ಶ್ರೀಗಳ ಪ್ರವಚನ: ಶಂಕರ ಮಠ, ಸ್ಥಳ: ಚಾಮರಾಜಪುರಂ, ಸಂಜೆ 6ಕ್ಕೆ. ● ಯಕ್ಷಗಾನ: ಕರಾವಳಿ ಯಕ್ಷಗಾನ ಮಂಡಳಿ, ಸ್ಥಳ: ಕಿರುರಂಗಮಂದಿರ, ರಾತ್ರಿ 8ಕ್ಕೆ. ● ಶ್ರೀ ಲಕ್ಷ್ಮೀನಾರಾಯಣ ಪೂಜೆ: ಶ್ರೀ ಲಕ್ಷ್ಮೀನಾರಾಯಣ ದೇವಸ್ಥಾನ, ಬೆಳಿಗ್ಗೆ 8ಕ್ಕೆ. ● ಸ್ವಚ್ಛತಾ ಅಭಿಯಾನ: ನಾಗರಿಕ ವೇದಿಕೆ, ಸ್ಥಳ: ಕುಕ್ಕರಹಳ್ಳಿ ಕೆರೆ, ಬೆಳಿಗ್ಗೆ 7ಕ್ಕೆ. ● ಶ್ರೀ ವಾಸವಿ ಜಯಂತಿ: ಆರ್ಯವೈಶ್ಯ ಸಂಘ, ಸ್ಥಳ: ವಾಸವಿ ಕಲ್ಯಾಣ ಮಂಟಪ, ಬೆಳಿಗ್ಗೆ 10ಕ್ಕೆ. ● ಉಚಿತ ನೇತ್ರ ತಪಾಸಣೆ: ಲಯನ್ಸ್ ಕ್ಲಬ್, ಸ್ಥಳ: ವಿಜಯನಗರ, ಬೆಳಿಗ್ಗೆ 9ಕ್ಕೆ. ● ಶ್ರೀ ರಾಘವೇಂದ್ರ ಸ್ವಾಮಿ ಆರಾಧನೆ: ರಾಯರ ಮಠ, ಸ್ಥಳ: ಸರಸ್ವತಿಪುರಂ, ಬೆಳಿಗ್ಗೆ 8ಕ್ಕೆ. ● ಕನ್ನಡ ರಾಜ್ಯೋತ್ಸವ: ಕನ್ನಡ ಯುವಕ ಸಂಘ, ಸ್ಥಳ: ಗಾಂಧಿನಗರ, ಸಂಜೆ 5ಕ್ಕೆ. ● ಶಾಸ್ತ್ರೀಯ ಸಂಗೀತ: ಸ್ಥಳ: ಬಿ.ಎನ್.ರಸ್ತೆ, ಸಂಜೆ 6ಕ್ಕೆ.
ನಂಜನಗೂಡು ತಾಲೂಕು
● ಶ್ರೀ ಶ್ರೀಕಂಠೇಶ್ವರ ದೇವಸ್ಥಾನ: ಕಾರ್ತೀಕ ಸೋಮವಾರದ ವಿಶೇಷ ಪೂಜೆ, ನಂಜನಗೂಡು, ಬೆಳಿಗ್ಗೆ 6ಕ್ಕೆ. ● ಜನಸ್ಪಂದನ ಸಭೆ: ತಾಲೂಕು ಕಚೇರಿ, ಬೆಳಿಗ್ಗೆ 11ಕ್ಕೆ.
ಮೈಸೂರು ತಾಲೂಕಿನಲ್ಲಿ
● ಶ್ರೀ ಸಂಗಮೇಶ್ವರ ದೇವಾಲಯ: ವಾರ್ಷಿಕೋತ್ಸವ ಹಾಗೂ ಕಾರ್ತೀಕ ದೀಪೋತ್ಸವ, ಶ್ರೀರಂಗಪಟ್ಟಣ ರಸ್ತೆ, ಸಂಜೆ 6ಕ್ಕೆ. ● ಸಮುದಾಯ ಭವನ ಉದ್ಘಾಟನೆ: ಬೆಳಿಗ್ಗೆ 10ಕ್ಕೆ, ಸ್ಥಳ: ಹಿನಕಲ್, ಅತಿಥಿ: ಶಾಸಕ ಜಿ.ಟಿ.ದೇವೇಗೌಡ.
